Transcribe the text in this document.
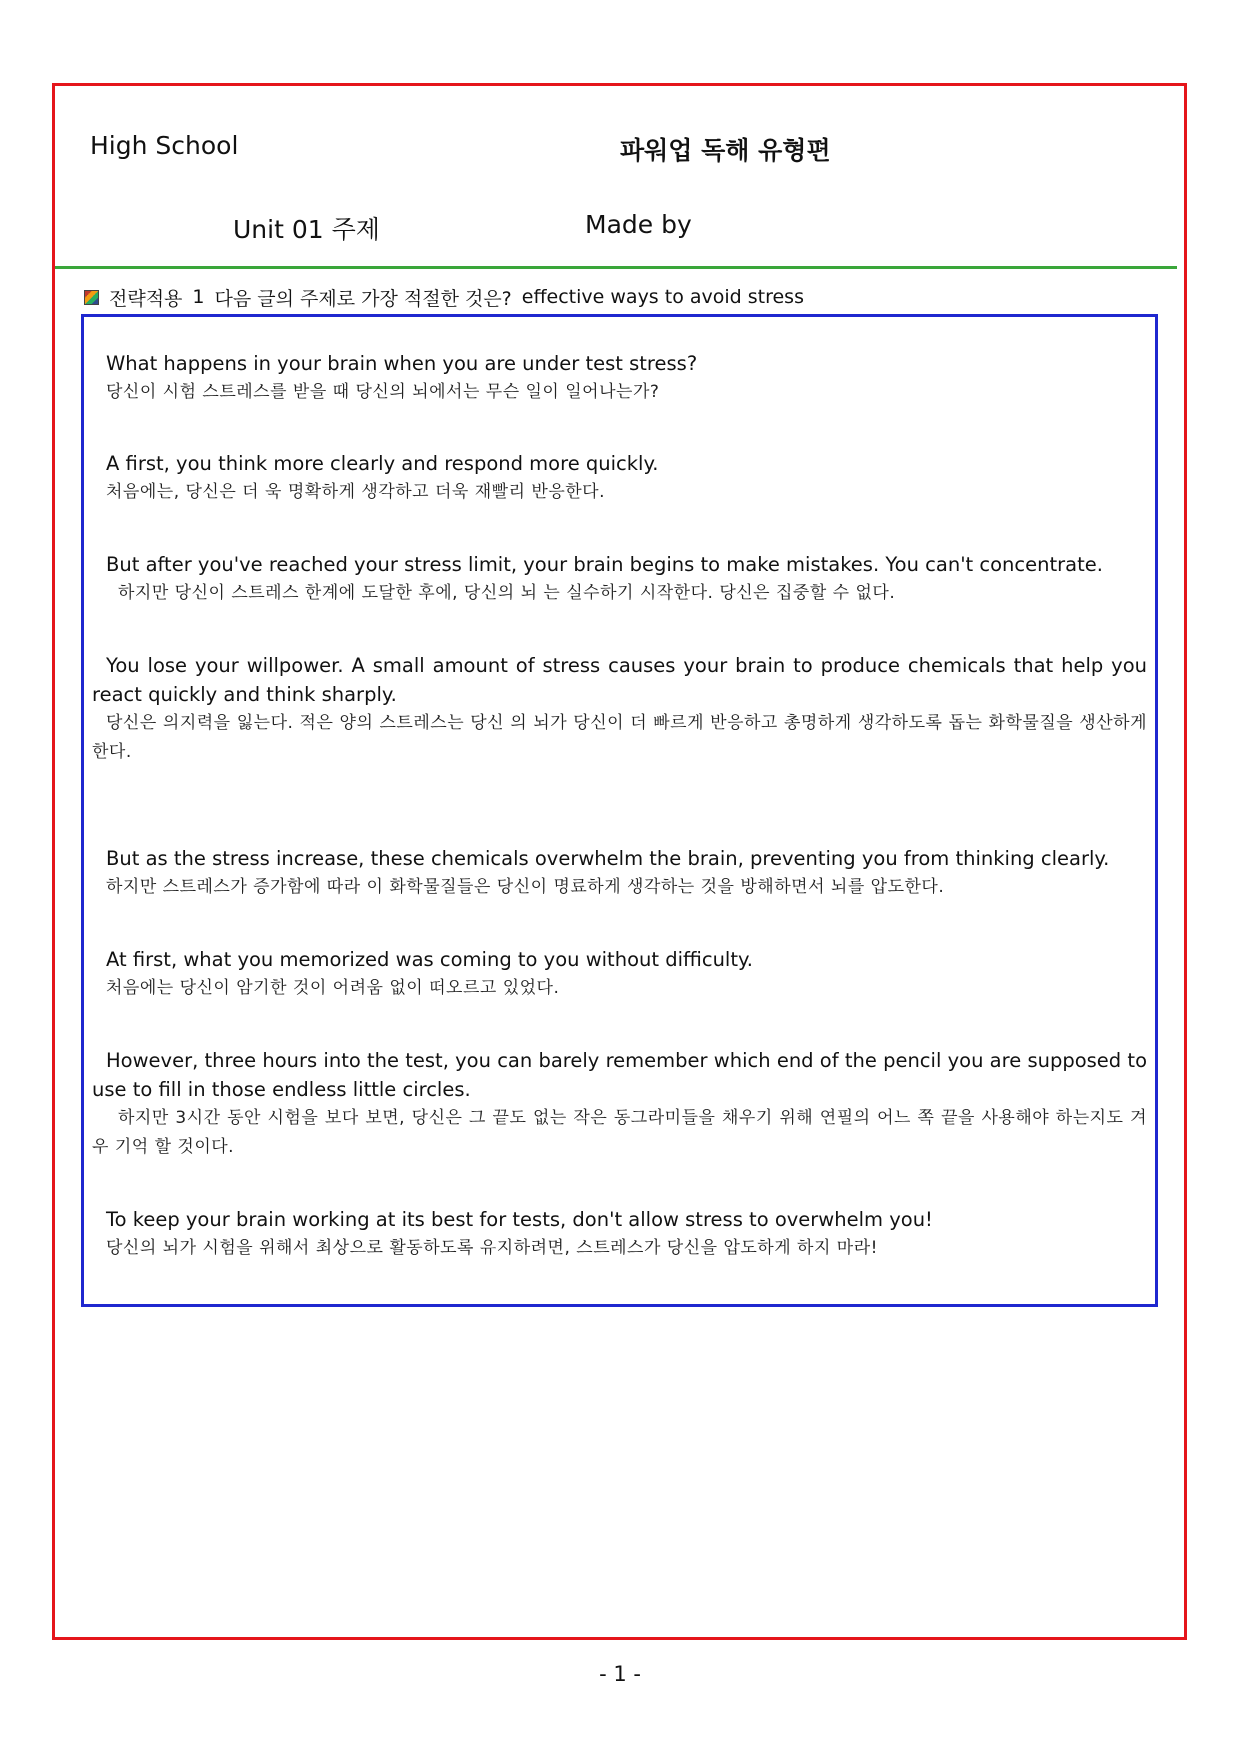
High School	파워업 독해 유형편
Unit 01 주제	Made by
전략적용 1 다음 글의 주제로 가장 적절한 것은? effective ways to avoid stress
What happens in your brain when you are under test stress?
당신이 시험 스트레스를 받을 때 당신의 뇌에서는 무슨 일이 일어나는가?
A first, you think more clearly and respond more quickly.
처음에는, 당신은 더 욱 명확하게 생각하고 더욱 재빨리 반응한다.
But after you've reached your stress limit, your brain begins to make mistakes. You can't concentrate.
하지만 당신이 스트레스 한계에 도달한 후에, 당신의 뇌 는 실수하기 시작한다. 당신은 집중할 수 없다.
You lose your willpower. A small amount of stress causes your brain to produce chemicals that help you react quickly and think sharply.
당신은 의지력을 잃는다. 적은 양의 스트레스는 당신 의 뇌가 당신이 더 빠르게 반응하고 총명하게 생각하도록 돕는 화학물질을 생산하게 한다.
But as the stress increase, these chemicals overwhelm the brain, preventing you from thinking clearly.
하지만 스트레스가 증가함에 따라 이 화학물질들은 당신이 명료하게 생각하는 것을 방해하면서 뇌를 압도한다.
At first, what you memorized was coming to you without difficulty.
처음에는 당신이 암기한 것이 어려움 없이 떠오르고 있었다.
However, three hours into the test, you can barely remember which end of the pencil you are supposed to use to fill in those endless little circles.
하지만 3시간 동안 시험을 보다 보면, 당신은 그 끝도 없는 작은 동그라미들을 채우기 위해 연필의 어느 쪽 끝을 사용해야 하는지도 겨우 기억 할 것이다.
To keep your brain working at its best for tests, don't allow stress to overwhelm you!
당신의 뇌가 시험을 위해서 최상으로 활동하도록 유지하려면, 스트레스가 당신을 압도하게 하지 마라!
- 1 -
